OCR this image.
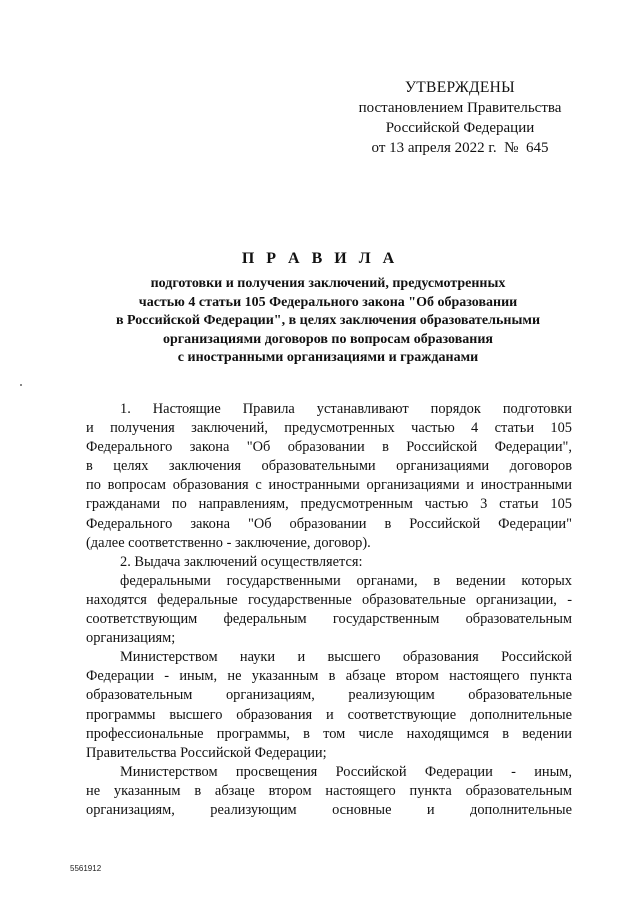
УТВЕРЖДЕНЫ
постановлением Правительства
Российской Федерации
от 13 апреля 2022 г.  №  645
П Р А В И Л А
подготовки и получения заключений, предусмотренных
частью 4 статьи 105 Федерального закона "Об образовании
в Российской Федерации", в целях заключения образовательными
организациями договоров по вопросам образования
с иностранными организациями и гражданами
1. Настоящие Правила устанавливают порядок подготовки
и получения заключений, предусмотренных частью 4 статьи 105
Федерального закона "Об образовании в Российской Федерации",
в целях заключения образовательными организациями договоров
по вопросам образования с иностранными организациями и иностранными
гражданами по направлениям, предусмотренным частью 3 статьи 105
Федерального закона "Об образовании в Российской Федерации"
(далее соответственно - заключение, договор).
2. Выдача заключений осуществляется:
федеральными государственными органами, в ведении которых
находятся федеральные государственные образовательные организации, -
соответствующим федеральным государственным образовательным
организациям;
Министерством науки и высшего образования Российской
Федерации - иным, не указанным в абзаце втором настоящего пункта
образовательным организациям, реализующим образовательные
программы высшего образования и соответствующие дополнительные
профессиональные программы, в том числе находящимся в ведении
Правительства Российской Федерации;
Министерством просвещения Российской Федерации - иным,
не указанным в абзаце втором настоящего пункта образовательным
организациям, реализующим основные и дополнительные
5561912
